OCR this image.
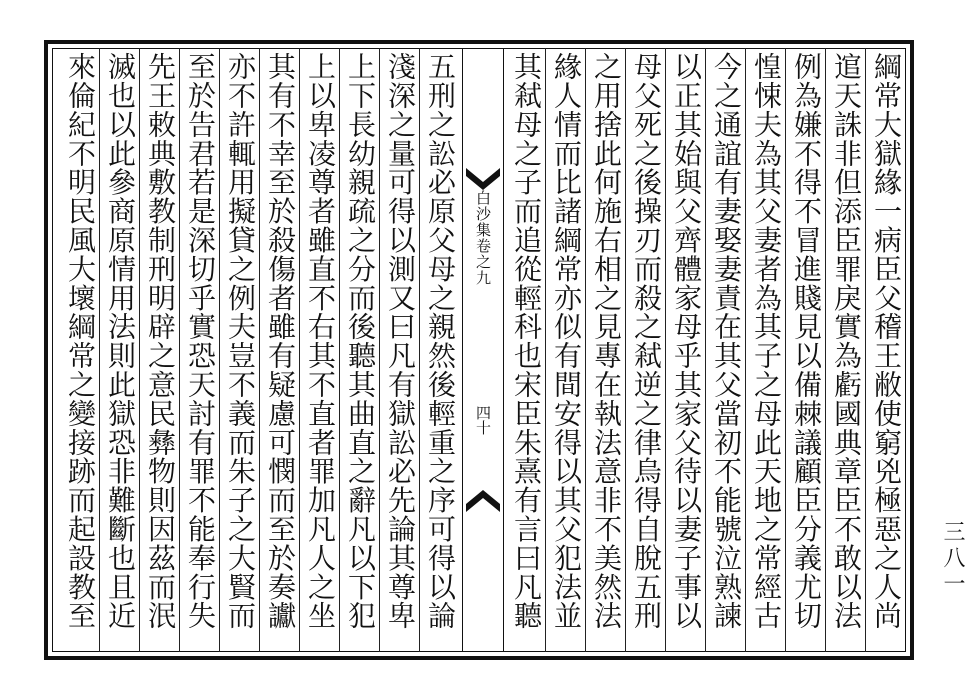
白沙集卷之九
四十
三八一
綱常大獄緣一病臣父稽王敝使窮兇極惡之人尚
逭天誅非但添臣罪戾實為虧國典章臣不敢以法
例為嫌不得不冒進賤見以備棘議顧臣分義尤切
惶悚夫為其父妻者為其子之母此天地之常經古
今之通誼有妻娶妻責在其父當初不能號泣熟諫
以正其始與父齊體家母乎其家父待以妻子事以
母父死之後操刃而殺之弒逆之律烏得自脫五刑
之用捨此何施右相之見專在執法意非不美然法
緣人情而比諸綱常亦似有間安得以其父犯法並
其弒母之子而追從輕科也宋臣朱熹有言曰凡聽
五刑之訟必原父母之親然後輕重之序可得以論
淺深之量可得以測又曰凡有獄訟必先論其尊卑
上下長幼親疏之分而後聽其曲直之辭凡以下犯
上以卑凌尊者雖直不右其不直者罪加凡人之坐
其有不幸至於殺傷者雖有疑慮可憫而至於奏讞
亦不許輒用擬貸之例夫豈不義而朱子之大賢而
至於告君若是深切乎實恐天討有罪不能奉行失
先王敕典敷教制刑明辟之意民彝物則因茲而泯
滅也以此參商原情用法則此獄恐非難斷也且近
來倫紀不明民風大壞綱常之變接跡而起設教至
